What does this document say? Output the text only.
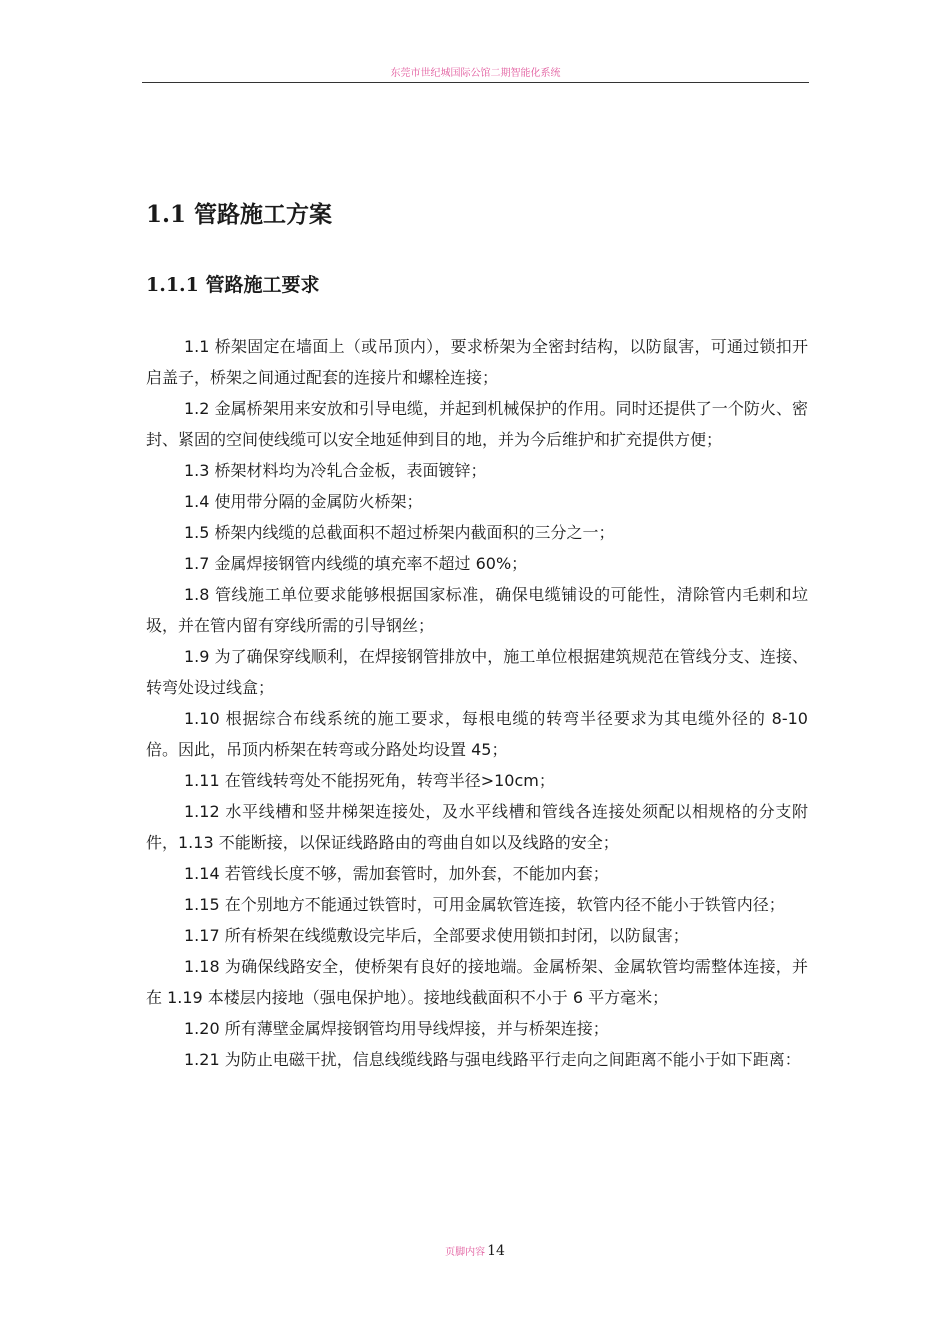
东莞市世纪城国际公馆二期智能化系统
1.1 管路施工方案
1.1.1 管路施工要求

1.1 桥架固定在墙面上（或吊顶内），要求桥架为全密封结构，以防鼠害，可通过锁扣开启盖子，桥架之间通过配套的连接片和螺栓连接；

1.2 金属桥架用来安放和引导电缆，并起到机械保护的作用。同时还提供了一个防火、密封、紧固的空间使线缆可以安全地延伸到目的地，并为今后维护和扩充提供方便；

1.3 桥架材料均为冷轧合金板，表面镀锌；

1.4 使用带分隔的金属防火桥架；

1.5 桥架内线缆的总截面积不超过桥架内截面积的三分之一；

1.7 金属焊接钢管内线缆的填充率不超过 60%；

1.8 管线施工单位要求能够根据国家标准，确保电缆铺设的可能性，清除管内毛刺和垃圾，并在管内留有穿线所需的引导钢丝；

1.9 为了确保穿线顺利，在焊接钢管排放中，施工单位根据建筑规范在管线分支、连接、转弯处设过线盒；

1.10 根据综合布线系统的施工要求，每根电缆的转弯半径要求为其电缆外径的 8-10 倍。因此，吊顶内桥架在转弯或分路处均设置 45；

1.11 在管线转弯处不能拐死角，转弯半径>10cm；

1.12 水平线槽和竖井梯架连接处，及水平线槽和管线各连接处须配以相规格的分支附件，1.13 不能断接，以保证线路路由的弯曲自如以及线路的安全；

1.14 若管线长度不够，需加套管时，加外套，不能加内套；

1.15 在个别地方不能通过铁管时，可用金属软管连接，软管内径不能小于铁管内径；

1.17 所有桥架在线缆敷设完毕后，全部要求使用锁扣封闭，以防鼠害；

1.18 为确保线路安全，使桥架有良好的接地端。金属桥架、金属软管均需整体连接，并在 1.19 本楼层内接地（强电保护地）。接地线截面积不小于 6 平方毫米；

1.20 所有薄壁金属焊接钢管均用导线焊接，并与桥架连接；

1.21 为防止电磁干扰，信息线缆线路与强电线路平行走向之间距离不能小于如下距离：

页脚内容 14
